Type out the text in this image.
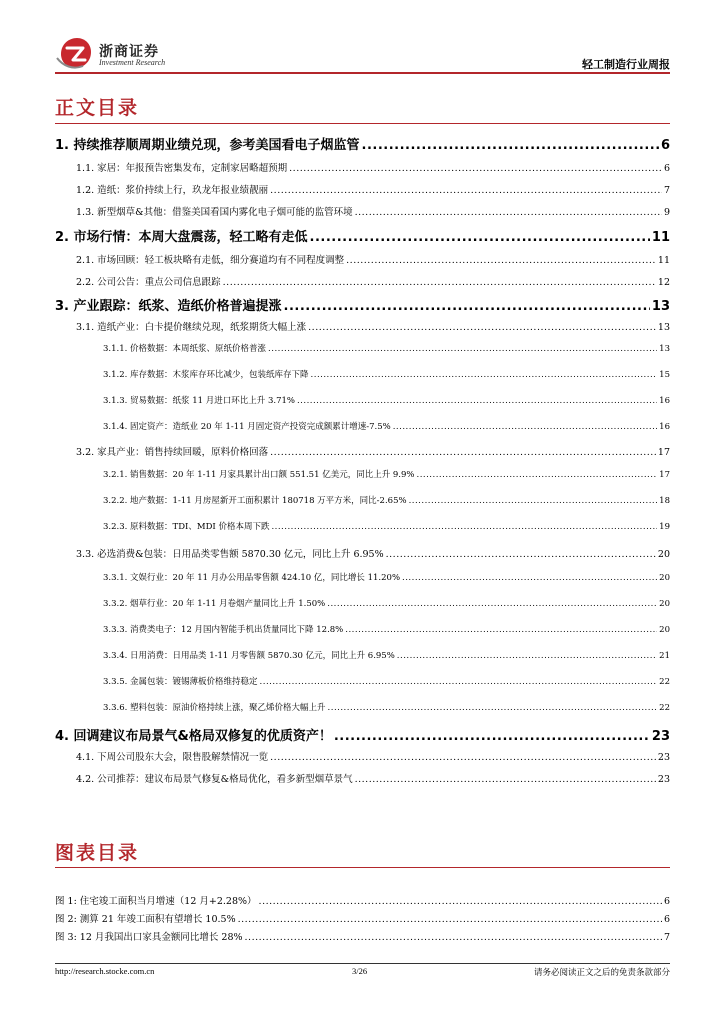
浙商证券
Investment Research	轻工制造行业周报
正文目录
1. 持续推荐顺周期业绩兑现，参考美国看电子烟监管 .....	6
1.1. 家居：年报预告密集发布，定制家居略超预期 .....	6
1.2. 造纸：浆价持续上行，玖龙年报业绩靓丽 .....	7
1.3. 新型烟草&其他：借鉴美国看国内雾化电子烟可能的监管环境 .....	9
2. 市场行情：本周大盘震荡，轻工略有走低 .....	11
2.1. 市场回顾：轻工板块略有走低，细分赛道均有不同程度调整 .....	11
2.2. 公司公告：重点公司信息跟踪 .....	12
3. 产业跟踪：纸浆、造纸价格普遍提涨 .....	13
3.1. 造纸产业：白卡提价继续兑现，纸浆期货大幅上涨 .....	13
3.1.1. 价格数据：本周纸浆、原纸价格普涨 .....	13
3.1.2. 库存数据：木浆库存环比减少，包装纸库存下降 .....	15
3.1.3. 贸易数据：纸浆 11 月进口环比上升 3.71% .....	16
3.1.4. 固定资产：造纸业 20 年 1-11 月固定资产投资完成额累计增速-7.5% .....	16
3.2. 家具产业：销售持续回暖，原料价格回落 .....	17
3.2.1. 销售数据：20 年 1-11 月家具累计出口额 551.51 亿美元，同比上升 9.9% .....	17
3.2.2. 地产数据：1-11 月房屋新开工面积累计 180718 万平方米，同比-2.65% .....	18
3.2.3. 原料数据：TDI、MDI 价格本周下跌 .....	19
3.3. 必选消费&包装：日用品类零售额 5870.30 亿元，同比上升 6.95% .....	20
3.3.1. 文娱行业：20 年 11 月办公用品零售额 424.10 亿，同比增长 11.20% .....	20
3.3.2. 烟草行业：20 年 1-11 月卷烟产量同比上升 1.50% .....	20
3.3.3. 消费类电子：12 月国内智能手机出货量同比下降 12.8% .....	20
3.3.4. 日用消费：日用品类 1-11 月零售额 5870.30 亿元，同比上升 6.95% .....	21
3.3.5. 金属包装：镀锡薄板价格维持稳定 .....	22
3.3.6. 塑料包装：原油价格持续上涨，聚乙烯价格大幅上升 .....	22
4. 回调建议布局景气&格局双修复的优质资产！ .....	23
4.1. 下周公司股东大会，限售股解禁情况一览 .....	23
4.2. 公司推荐：建议布局景气修复&格局优化，看多新型烟草景气 .....	23
图表目录
图 1: 住宅竣工面积当月增速（12 月+2.28%） .....	6
图 2: 测算 21 年竣工面积有望增长 10.5% .....	6
图 3: 12 月我国出口家具金额同比增长 28% .....	7
http://research.stocke.com.cn	3/26	请务必阅读正文之后的免责条款部分
